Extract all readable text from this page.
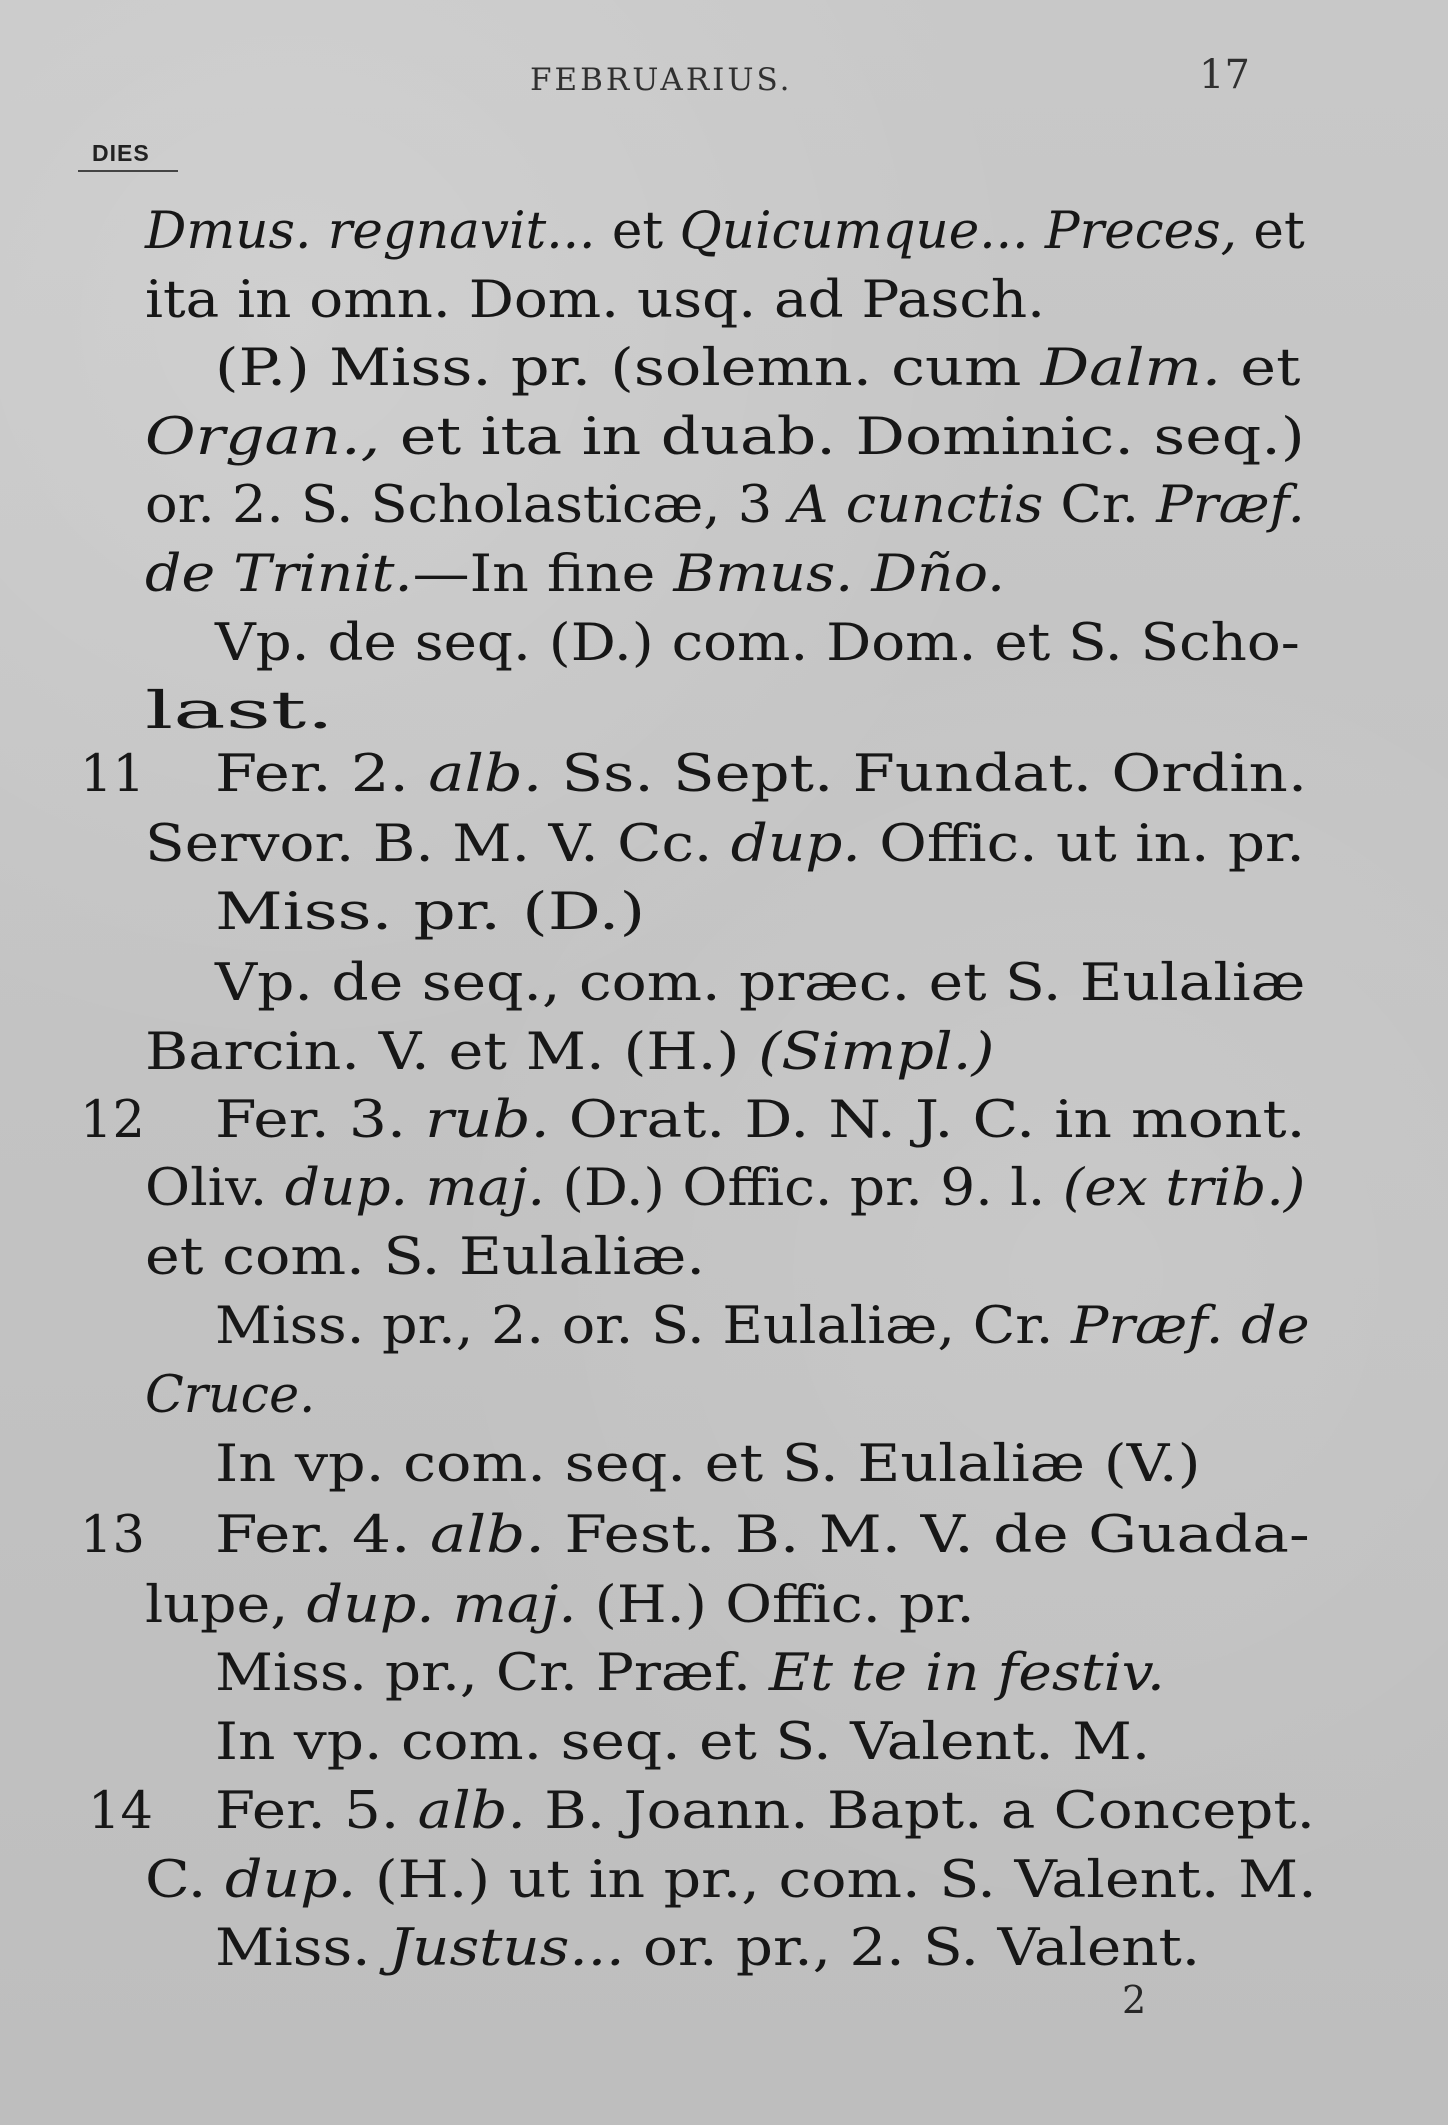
FEBRUARIUS.	17
DIES
Dmus. regnavit... et Quicumque... Preces, et
ita in omn. Dom. usq. ad Pasch.
(P.) Miss. pr. (solemn. cum Dalm. et
Organ., et ita in duab. Dominic. seq.)
or. 2. S. Scholasticæ, 3 A cunctis Cr. Præf.
de Trinit.—In fine Bmus. Dño.
Vp. de seq. (D.) com. Dom. et S. Scho-
last.
Fer. 2. alb. Ss. Sept. Fundat. Ordin.
Servor. B. M. V. Cc. dup. Offic. ut in. pr.
Miss. pr. (D.)
Vp. de seq., com. præc. et S. Eulaliæ
Barcin. V. et M. (H.) (Simpl.)
Fer. 3. rub. Orat. D. N. J. C. in mont.
Oliv. dup. maj. (D.) Offic. pr. 9. l. (ex trib.)
et com. S. Eulaliæ.
Miss. pr., 2. or. S. Eulaliæ, Cr. Præf. de
Cruce.
In vp. com. seq. et S. Eulaliæ (V.)
Fer. 4. alb. Fest. B. M. V. de Guada-
lupe, dup. maj. (H.) Offic. pr.
Miss. pr., Cr. Præf. Et te in festiv.
In vp. com. seq. et S. Valent. M.
Fer. 5. alb. B. Joann. Bapt. a Concept.
C. dup. (H.) ut in pr., com. S. Valent. M.
Miss. Justus... or. pr., 2. S. Valent.
11
12
13
14
2
